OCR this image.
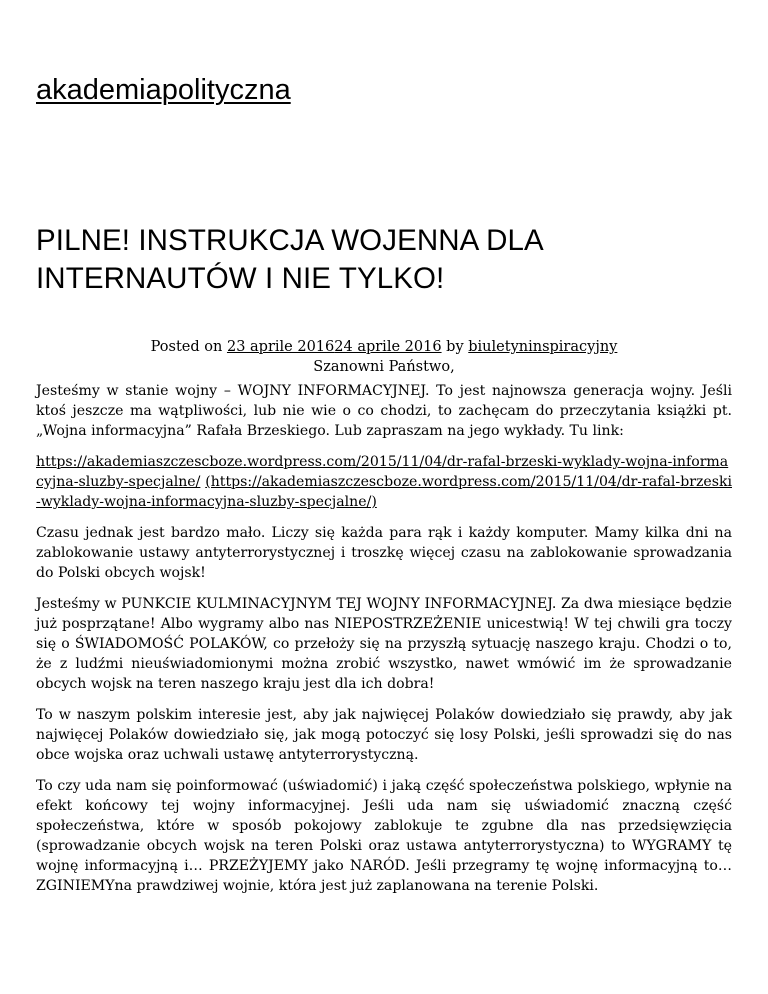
akademiapolityczna
PILNE! INSTRUKCJA WOJENNA DLA
INTERNAUTÓW I NIE TYLKO!
Posted on 23 aprile 201624 aprile 2016 by biuletyninspiracyjny
Szanowni Państwo,

Jesteśmy w stanie wojny – WOJNY INFORMACYJNEJ. To jest najnowsza generacja wojny. Jeśli ktoś jeszcze ma wątpliwości, lub nie wie o co chodzi, to zachęcam do przeczytania książki pt. „Wojna informacyjna” Rafała Brzeskiego. Lub zapraszam na jego wykłady. Tu link:

https://akademiaszczescboze.wordpress.com/2015/11/04/dr-rafal-brzeski-wyklady-wojna-informacyjna-sluzby-specjalne/ (https://akademiaszczescboze.wordpress.com/2015/11/04/dr-rafal-brzeski-wyklady-wojna-informacyjna-sluzby-specjalne/)

Czasu jednak jest bardzo mało. Liczy się każda para rąk i każdy komputer. Mamy kilka dni na zablokowanie ustawy antyterrorystycznej i troszkę więcej czasu na zablokowanie sprowadzania do Polski obcych wojsk!

Jesteśmy w PUNKCIE KULMINACYJNYM TEJ WOJNY INFORMACYJNEJ. Za dwa miesiące będzie już posprzątane! Albo wygramy albo nas NIEPOSTRZEŻENIE unicestwią! W tej chwili gra toczy się o ŚWIADOMOŚĆ POLAKÓW, co przełoży się na przyszłą sytuację naszego kraju. Chodzi o to, że z ludźmi nieuświadomionymi można zrobić wszystko, nawet wmówić im że sprowadzanie obcych wojsk na teren naszego kraju jest dla ich dobra!

To w naszym polskim interesie jest, aby jak najwięcej Polaków dowiedziało się prawdy, aby jak najwięcej Polaków dowiedziało się, jak mogą potoczyć się losy Polski, jeśli sprowadzi się do nas obce wojska oraz uchwali ustawę antyterrorystyczną.

To czy uda nam się poinformować (uświadomić) i jaką część społeczeństwa polskiego, wpłynie na efekt końcowy tej wojny informacyjnej. Jeśli uda nam się uświadomić znaczną część społeczeństwa, które w sposób pokojowy zablokuje te zgubne dla nas przedsięwzięcia (sprowadzanie obcych wojsk na teren Polski oraz ustawa antyterrorystyczna) to WYGRAMY tę wojnę informacyjną i… PRZEŻYJEMY jako NARÓD. Jeśli przegramy tę wojnę informacyjną to… ZGINIEMYna prawdziwej wojnie, która jest już zaplanowana na terenie Polski.
